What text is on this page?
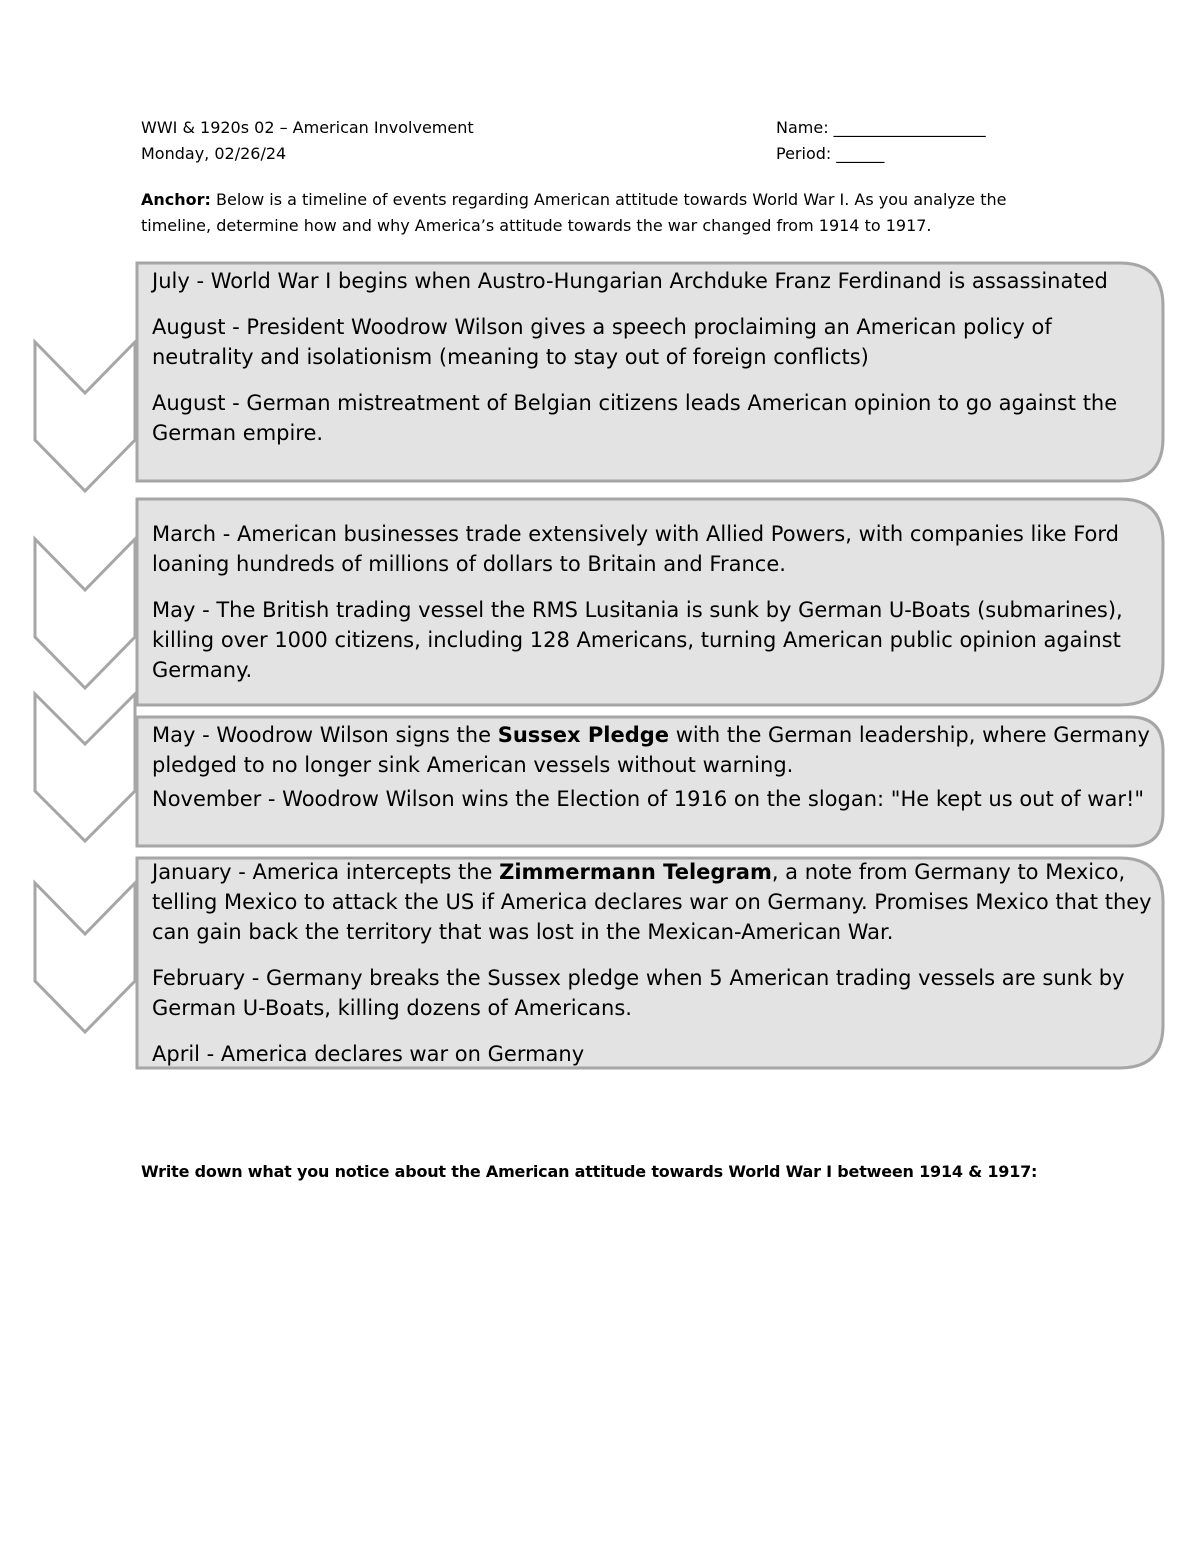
WWI & 1920s 02 – American Involvement
Monday, 02/26/24
Name: ___________________
Period: ______
Anchor: Below is a timeline of events regarding American attitude towards World War I. As you analyze the timeline, determine how and why America’s attitude towards the war changed from 1914 to 1917.

July - World War I begins when Austro-Hungarian Archduke Franz Ferdinand is assassinated

August - President Woodrow Wilson gives a speech proclaiming an American policy of neutrality and isolationism (meaning to stay out of foreign conflicts)

August - German mistreatment of Belgian citizens leads American opinion to go against the German empire.

March - American businesses trade extensively with Allied Powers, with companies like Ford loaning hundreds of millions of dollars to Britain and France.

May - The British trading vessel the RMS Lusitania is sunk by German U-Boats (submarines), killing over 1000 citizens, including 128 Americans, turning American public opinion against Germany.

May - Woodrow Wilson signs the Sussex Pledge with the German leadership, where Germany pledged to no longer sink American vessels without warning.

November - Woodrow Wilson wins the Election of 1916 on the slogan: "He kept us out of war!"

January - America intercepts the Zimmermann Telegram, a note from Germany to Mexico, telling Mexico to attack the US if America declares war on Germany. Promises Mexico that they can gain back the territory that was lost in the Mexican-American War.

February - Germany breaks the Sussex pledge when 5 American trading vessels are sunk by German U-Boats, killing dozens of Americans.

April - America declares war on Germany

Write down what you notice about the American attitude towards World War I between 1914 & 1917:
